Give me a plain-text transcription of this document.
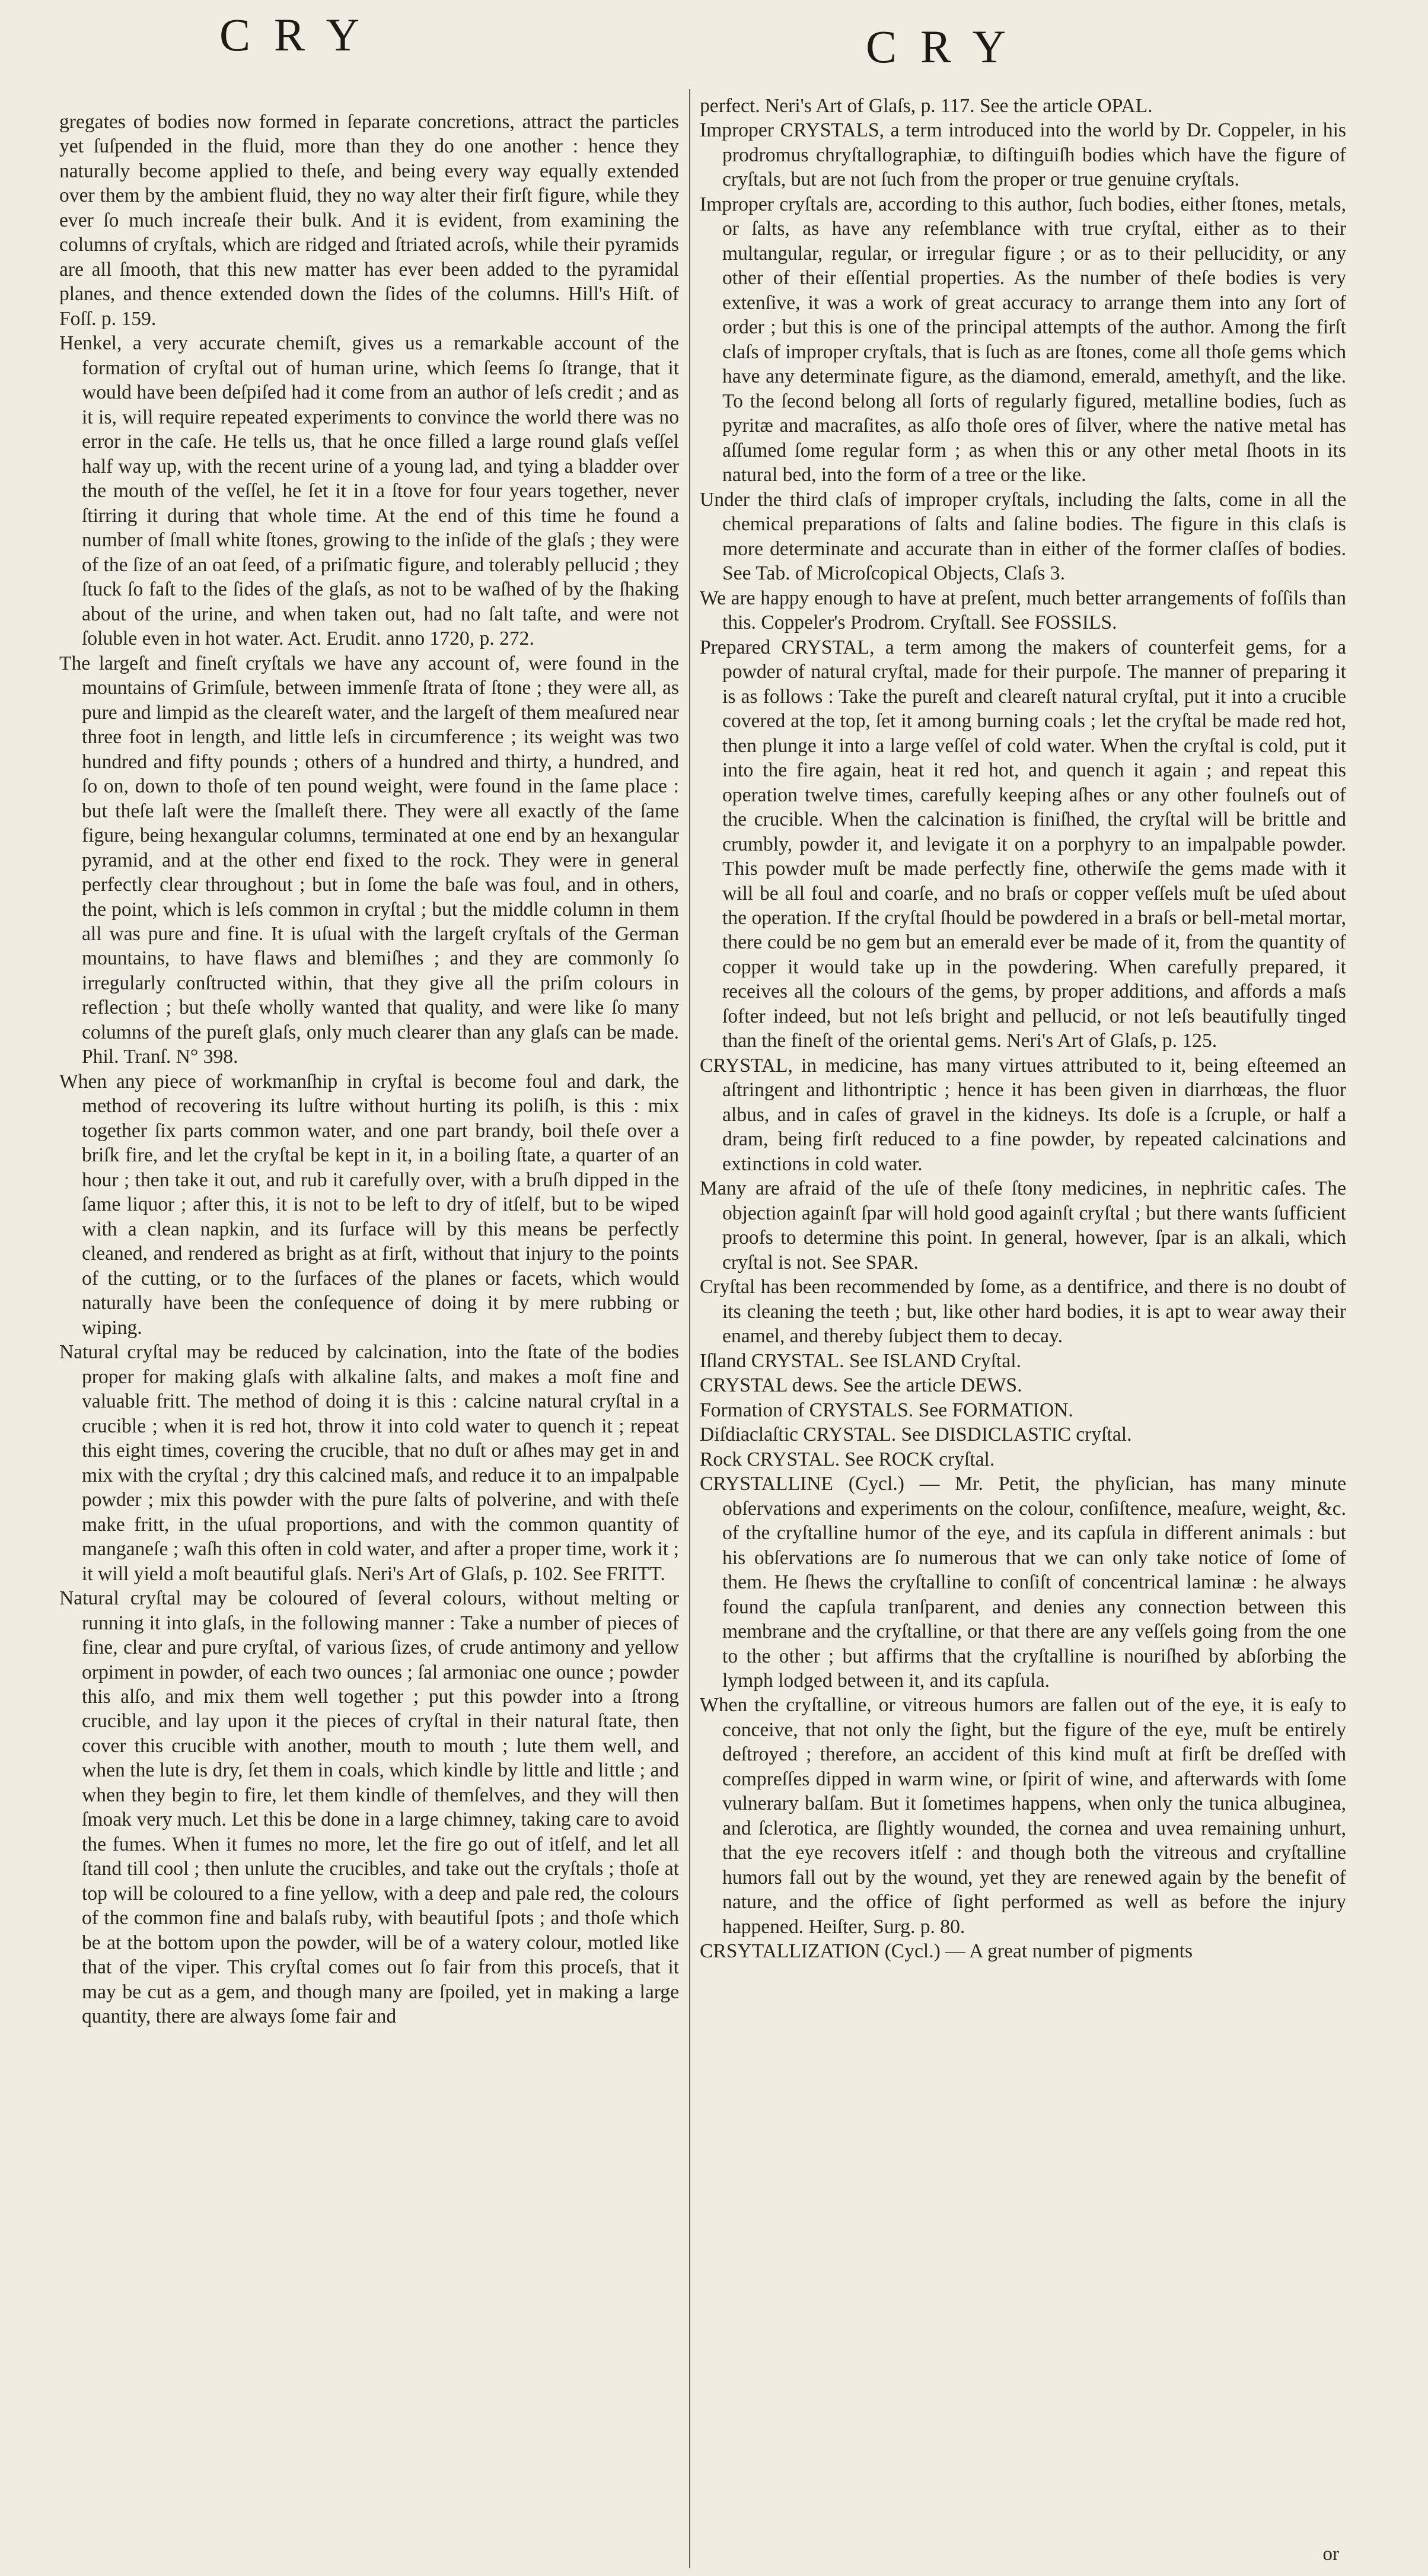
CRY	CRY

gregates of bodies now formed in ſeparate concretions, attract the particles yet ſuſpended in the fluid, more than they do one another : hence they naturally become applied to theſe, and being every way equally extended over them by the ambient fluid, they no way alter their firſt figure, while they ever ſo much increaſe their bulk. And it is evident, from examining the columns of cryſtals, which are ridged and ſtriated acroſs, while their pyramids are all ſmooth, that this new matter has ever been added to the pyramidal planes, and thence extended down the ſides of the columns. Hill's Hiſt. of Foſſ. p. 159.

Henkel, a very accurate chemiſt, gives us a remarkable account of the formation of cryſtal out of human urine, which ſeems ſo ſtrange, that it would have been deſpiſed had it come from an author of leſs credit ; and as it is, will require repeated experiments to convince the world there was no error in the caſe. He tells us, that he once filled a large round glaſs veſſel half way up, with the recent urine of a young lad, and tying a bladder over the mouth of the veſſel, he ſet it in a ſtove for four years together, never ſtirring it during that whole time. At the end of this time he found a number of ſmall white ſtones, growing to the inſide of the glaſs ; they were of the ſize of an oat ſeed, of a priſmatic figure, and tolerably pellucid ; they ſtuck ſo faſt to the ſides of the glaſs, as not to be waſhed of by the ſhaking about of the urine, and when taken out, had no ſalt taſte, and were not ſoluble even in hot water. Act. Erudit. anno 1720, p. 272.

The largeſt and fineſt cryſtals we have any account of, were found in the mountains of Grimſule, between immenſe ſtrata of ſtone ; they were all, as pure and limpid as the cleareſt water, and the largeſt of them meaſured near three foot in length, and little leſs in circumference ; its weight was two hundred and fifty pounds ; others of a hundred and thirty, a hundred, and ſo on, down to thoſe of ten pound weight, were found in the ſame place : but theſe laſt were the ſmalleſt there. They were all exactly of the ſame figure, being hexangular columns, terminated at one end by an hexangular pyramid, and at the other end fixed to the rock. They were in general perfectly clear throughout ; but in ſome the baſe was foul, and in others, the point, which is leſs common in cryſtal ; but the middle column in them all was pure and fine. It is uſual with the largeſt cryſtals of the German mountains, to have flaws and blemiſhes ; and they are commonly ſo irregularly conſtructed within, that they give all the priſm colours in reflection ; but theſe wholly wanted that quality, and were like ſo many columns of the pureſt glaſs, only much clearer than any glaſs can be made. Phil. Tranſ. N° 398.

When any piece of workmanſhip in cryſtal is become foul and dark, the method of recovering its luſtre without hurting its poliſh, is this : mix together ſix parts common water, and one part brandy, boil theſe over a briſk fire, and let the cryſtal be kept in it, in a boiling ſtate, a quarter of an hour ; then take it out, and rub it carefully over, with a bruſh dipped in the ſame liquor ; after this, it is not to be left to dry of itſelf, but to be wiped with a clean napkin, and its ſurface will by this means be perfectly cleaned, and rendered as bright as at firſt, without that injury to the points of the cutting, or to the ſurfaces of the planes or facets, which would naturally have been the conſequence of doing it by mere rubbing or wiping.

Natural cryſtal may be reduced by calcination, into the ſtate of the bodies proper for making glaſs with alkaline ſalts, and makes a moſt fine and valuable fritt. The method of doing it is this : calcine natural cryſtal in a crucible ; when it is red hot, throw it into cold water to quench it ; repeat this eight times, covering the crucible, that no duſt or aſhes may get in and mix with the cryſtal ; dry this calcined maſs, and reduce it to an impalpable powder ; mix this powder with the pure ſalts of polverine, and with theſe make fritt, in the uſual proportions, and with the common quantity of manganeſe ; waſh this often in cold water, and after a proper time, work it ; it will yield a moſt beautiful glaſs. Neri's Art of Glaſs, p. 102. See FRITT.

Natural cryſtal may be coloured of ſeveral colours, without melting or running it into glaſs, in the following manner : Take a number of pieces of fine, clear and pure cryſtal, of various ſizes, of crude antimony and yellow orpiment in powder, of each two ounces ; ſal armoniac one ounce ; powder this alſo, and mix them well together ; put this powder into a ſtrong crucible, and lay upon it the pieces of cryſtal in their natural ſtate, then cover this crucible with another, mouth to mouth ; lute them well, and when the lute is dry, ſet them in coals, which kindle by little and little ; and when they begin to fire, let them kindle of themſelves, and they will then ſmoak very much. Let this be done in a large chimney, taking care to avoid the fumes. When it fumes no more, let the fire go out of itſelf, and let all ſtand till cool ; then unlute the crucibles, and take out the cryſtals ; thoſe at top will be coloured to a fine yellow, with a deep and pale red, the colours of the common fine and balaſs ruby, with beautiful ſpots ; and thoſe which be at the bottom upon the powder, will be of a watery colour, motled like that of the viper. This cryſtal comes out ſo fair from this proceſs, that it may be cut as a gem, and though many are ſpoiled, yet in making a large quantity, there are always ſome fair and

perfect. Neri's Art of Glaſs, p. 117. See the article OPAL.

Improper CRYSTALS, a term introduced into the world by Dr. Coppeler, in his prodromus chryſtallographiæ, to diſtinguiſh bodies which have the figure of cryſtals, but are not ſuch from the proper or true genuine cryſtals.

Improper cryſtals are, according to this author, ſuch bodies, either ſtones, metals, or ſalts, as have any reſemblance with true cryſtal, either as to their multangular, regular, or irregular figure ; or as to their pellucidity, or any other of their eſſential properties. As the number of theſe bodies is very extenſive, it was a work of great accuracy to arrange them into any ſort of order ; but this is one of the principal attempts of the author. Among the firſt claſs of improper cryſtals, that is ſuch as are ſtones, come all thoſe gems which have any determinate figure, as the diamond, emerald, amethyſt, and the like. To the ſecond belong all ſorts of regularly figured, metalline bodies, ſuch as pyritæ and macraſites, as alſo thoſe ores of ſilver, where the native metal has aſſumed ſome regular form ; as when this or any other metal ſhoots in its natural bed, into the form of a tree or the like.

Under the third claſs of improper cryſtals, including the ſalts, come in all the chemical preparations of ſalts and ſaline bodies. The figure in this claſs is more determinate and accurate than in either of the former claſſes of bodies. See Tab. of Microſcopical Objects, Claſs 3.

We are happy enough to have at preſent, much better arrangements of foſſils than this. Coppeler's Prodrom. Cryſtall. See FOSSILS.

Prepared CRYSTAL, a term among the makers of counterfeit gems, for a powder of natural cryſtal, made for their purpoſe. The manner of preparing it is as follows : Take the pureſt and cleareſt natural cryſtal, put it into a crucible covered at the top, ſet it among burning coals ; let the cryſtal be made red hot, then plunge it into a large veſſel of cold water. When the cryſtal is cold, put it into the fire again, heat it red hot, and quench it again ; and repeat this operation twelve times, carefully keeping aſhes or any other foulneſs out of the crucible. When the calcination is finiſhed, the cryſtal will be brittle and crumbly, powder it, and levigate it on a porphyry to an impalpable powder. This powder muſt be made perfectly fine, otherwiſe the gems made with it will be all foul and coarſe, and no braſs or copper veſſels muſt be uſed about the operation. If the cryſtal ſhould be powdered in a braſs or bell-metal mortar, there could be no gem but an emerald ever be made of it, from the quantity of copper it would take up in the powdering. When carefully prepared, it receives all the colours of the gems, by proper additions, and affords a maſs ſofter indeed, but not leſs bright and pellucid, or not leſs beautifully tinged than the fineſt of the oriental gems. Neri's Art of Glaſs, p. 125.

CRYSTAL, in medicine, has many virtues attributed to it, being eſteemed an aſtringent and lithontriptic ; hence it has been given in diarrhœas, the fluor albus, and in caſes of gravel in the kidneys. Its doſe is a ſcruple, or half a dram, being firſt reduced to a fine powder, by repeated calcinations and extinctions in cold water.

Many are afraid of the uſe of theſe ſtony medicines, in nephritic caſes. The objection againſt ſpar will hold good againſt cryſtal ; but there wants ſufficient proofs to determine this point. In general, however, ſpar is an alkali, which cryſtal is not. See SPAR.

Cryſtal has been recommended by ſome, as a dentifrice, and there is no doubt of its cleaning the teeth ; but, like other hard bodies, it is apt to wear away their enamel, and thereby ſubject them to decay.

Iſland CRYSTAL. See ISLAND Cryſtal.

CRYSTAL dews. See the article DEWS.

Formation of CRYSTALS. See FORMATION.

Diſdiaclaſtic CRYSTAL. See DISDICLASTIC cryſtal.

Rock CRYSTAL. See ROCK cryſtal.

CRYSTALLINE (Cycl.) — Mr. Petit, the phyſician, has many minute obſervations and experiments on the colour, conſiſtence, meaſure, weight, &c. of the cryſtalline humor of the eye, and its capſula in different animals : but his obſervations are ſo numerous that we can only take notice of ſome of them. He ſhews the cryſtalline to conſiſt of concentrical laminæ : he always found the capſula tranſparent, and denies any connection between this membrane and the cryſtalline, or that there are any veſſels going from the one to the other ; but affirms that the cryſtalline is nouriſhed by abſorbing the lymph lodged between it, and its capſula.

When the cryſtalline, or vitreous humors are fallen out of the eye, it is eaſy to conceive, that not only the ſight, but the figure of the eye, muſt be entirely deſtroyed ; therefore, an accident of this kind muſt at firſt be dreſſed with compreſſes dipped in warm wine, or ſpirit of wine, and afterwards with ſome vulnerary balſam. But it ſometimes happens, when only the tunica albuginea, and ſclerotica, are ſlightly wounded, the cornea and uvea remaining unhurt, that the eye recovers itſelf : and though both the vitreous and cryſtalline humors fall out by the wound, yet they are renewed again by the benefit of nature, and the office of ſight performed as well as before the injury happened. Heiſter, Surg. p. 80.

CRSYTALLIZATION (Cycl.) — A great number of pigments

or
